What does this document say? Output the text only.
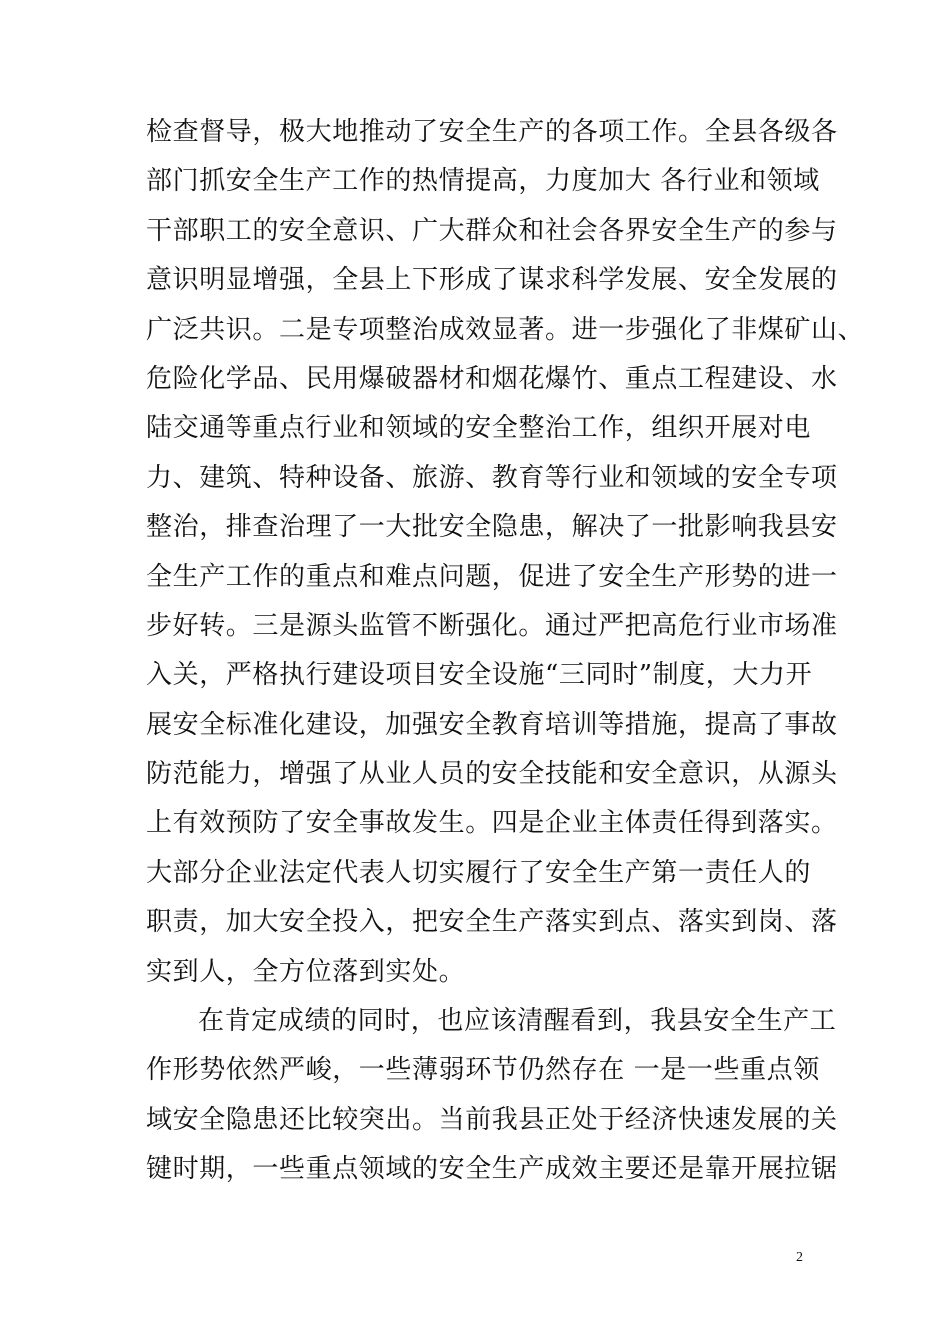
检查督导，极大地推动了安全生产的各项工作。全县各级各
部门抓安全生产工作的热情提高，力度加大 各行业和领域
干部职工的安全意识、广大群众和社会各界安全生产的参与
意识明显增强，全县上下形成了谋求科学发展、安全发展的
广泛共识。二是专项整治成效显著。进一步强化了非煤矿山、
危险化学品、民用爆破器材和烟花爆竹、重点工程建设、水
陆交通等重点行业和领域的安全整治工作，组织开展对电
力、建筑、特种设备、旅游、教育等行业和领域的安全专项
整治，排查治理了一大批安全隐患，解决了一批影响我县安
全生产工作的重点和难点问题，促进了安全生产形势的进一
步好转。三是源头监管不断强化。通过严把高危行业市场准
入关，严格执行建设项目安全设施“三同时”制度，大力开
展安全标准化建设，加强安全教育培训等措施，提高了事故
防范能力，增强了从业人员的安全技能和安全意识，从源头
上有效预防了安全事故发生。四是企业主体责任得到落实。
大部分企业法定代表人切实履行了安全生产第一责任人的
职责，加大安全投入，把安全生产落实到点、落实到岗、落
实到人，全方位落到实处。
在肯定成绩的同时，也应该清醒看到，我县安全生产工
作形势依然严峻，一些薄弱环节仍然存在 一是一些重点领
域安全隐患还比较突出。当前我县正处于经济快速发展的关
键时期，一些重点领域的安全生产成效主要还是靠开展拉锯
2
